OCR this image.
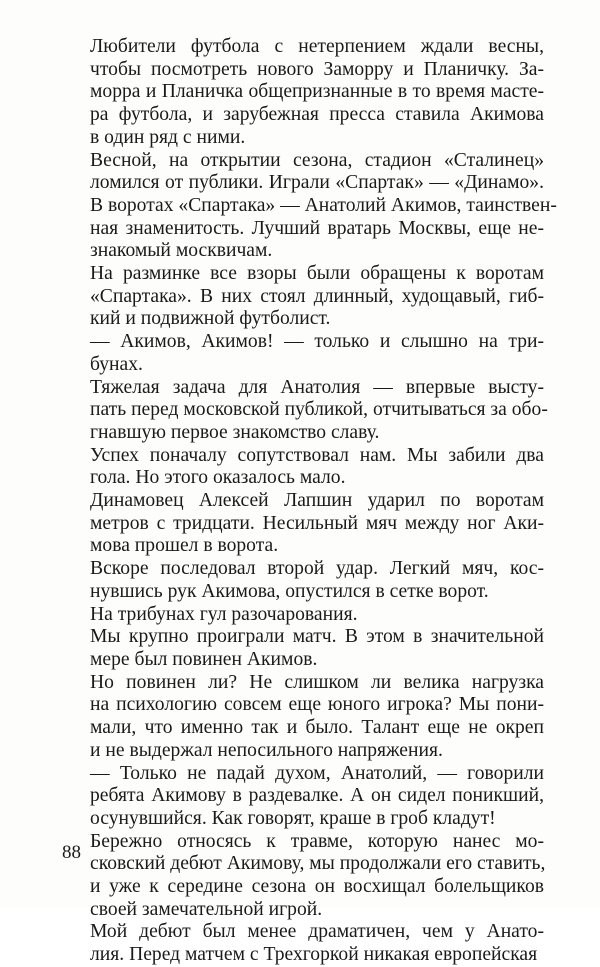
Любители футбола с нетерпением ждали весны,
чтобы посмотреть нового Заморру и Планичку. За-
морра и Планичка общепризнанные в то время масте-
ра футбола, и зарубежная пресса ставила Акимова
в один ряд с ними.
Весной, на открытии сезона, стадион «Сталинец»
ломился от публики. Играли «Спартак» — «Динамо».
В воротах «Спартака» — Анатолий Акимов, таинствен-
ная знаменитость. Лучший вратарь Москвы, еще не-
знакомый москвичам.
На разминке все взоры были обращены к воротам
«Спартака». В них стоял длинный, худощавый, гиб-
кий и подвижной футболист.
— Акимов, Акимов! — только и слышно на три-
бунах.
Тяжелая задача для Анатолия — впервые высту-
пать перед московской публикой, отчитываться за обо-
гнавшую первое знакомство славу.
Успех поначалу сопутствовал нам. Мы забили два
гола. Но этого оказалось мало.
Динамовец Алексей Лапшин ударил по воротам
метров с тридцати. Несильный мяч между ног Аки-
мова прошел в ворота.
Вскоре последовал второй удар. Легкий мяч, кос-
нувшись рук Акимова, опустился в сетке ворот.
На трибунах гул разочарования.
Мы крупно проиграли матч. В этом в значительной
мере был повинен Акимов.
Но повинен ли? Не слишком ли велика нагрузка
на психологию совсем еще юного игрока? Мы пони-
мали, что именно так и было. Талант еще не окреп
и не выдержал непосильного напряжения.
— Только не падай духом, Анатолий, — говорили
ребята Акимову в раздевалке. А он сидел поникший,
осунувшийся. Как говорят, краше в гроб кладут!
Бережно относясь к травме, которую нанес мо-
сковский дебют Акимову, мы продолжали его ставить,
и уже к середине сезона он восхищал болельщиков
своей замечательной игрой.
Мой дебют был менее драматичен, чем у Анато-
лия. Перед матчем с Трехгоркой никакая европейская
88
